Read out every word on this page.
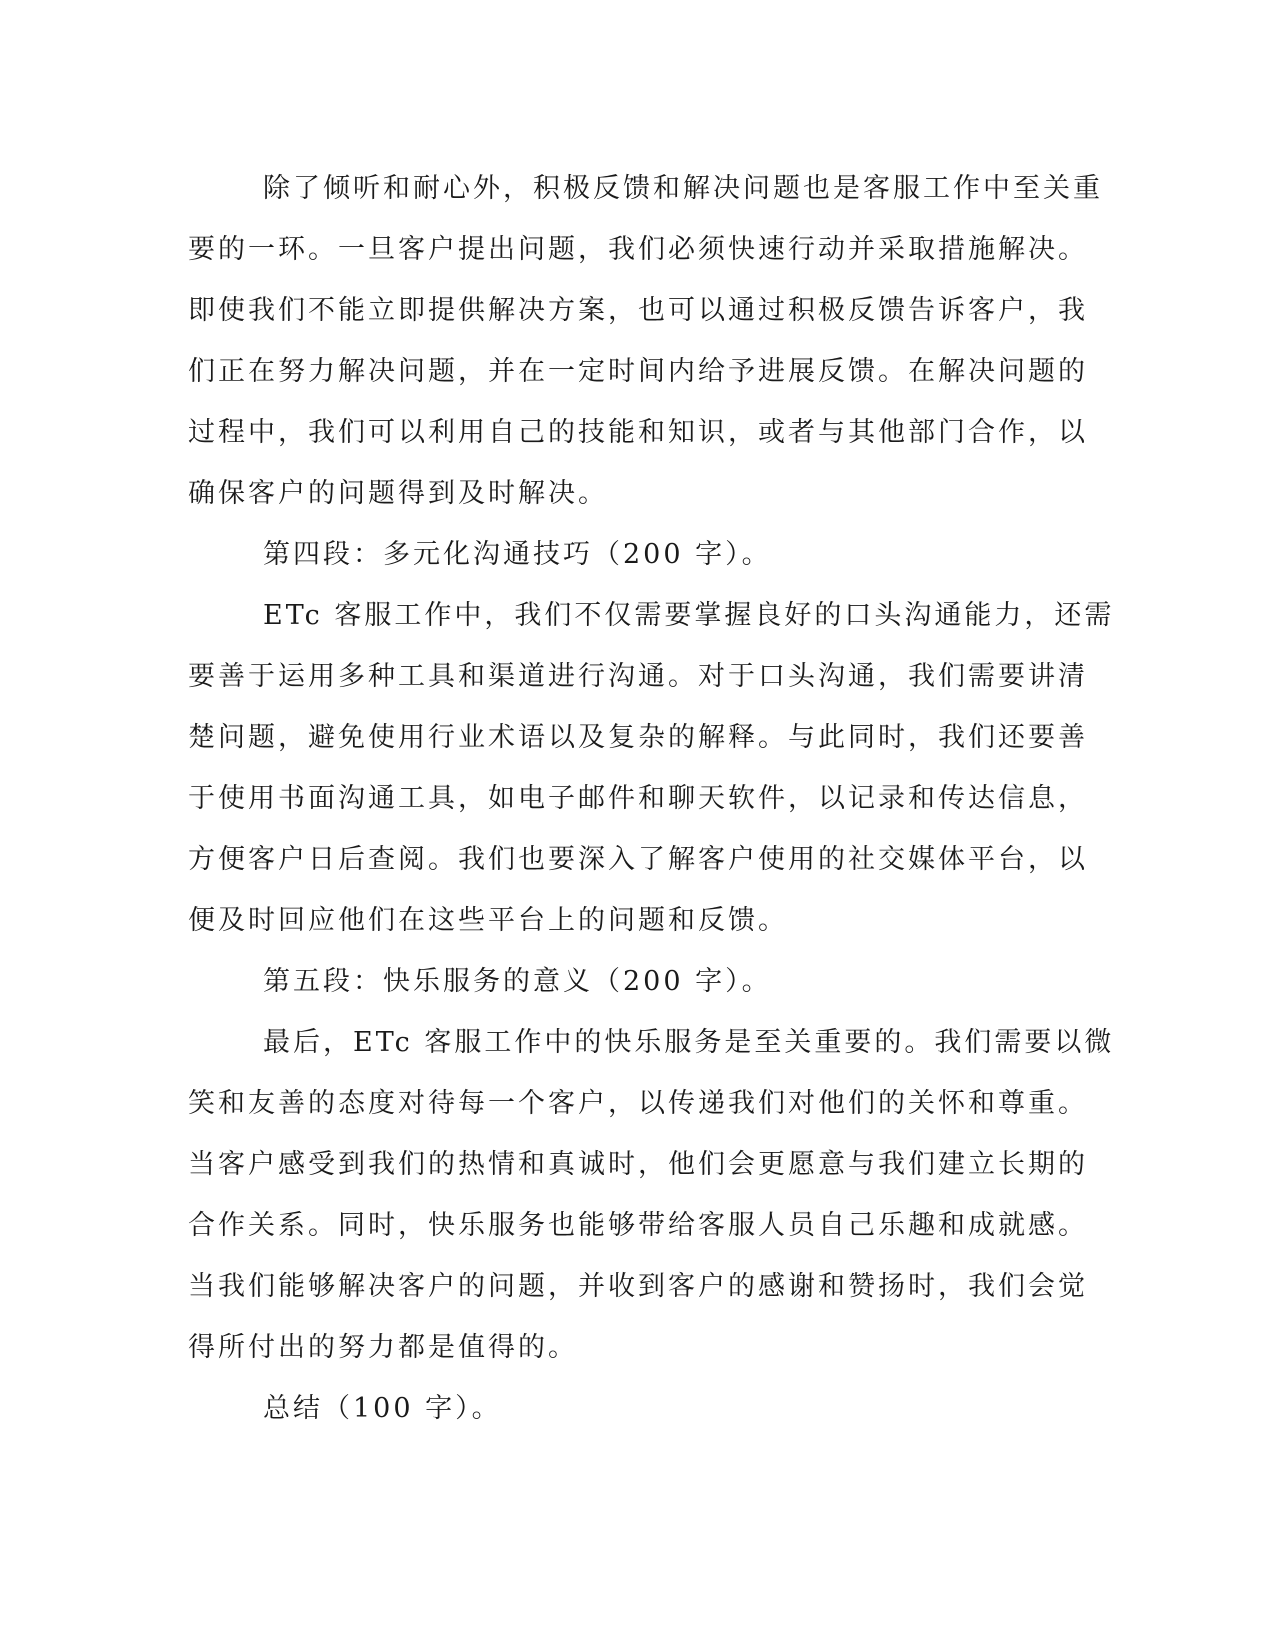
除了倾听和耐心外，积极反馈和解决问题也是客服工作中至关重
要的一环。一旦客户提出问题，我们必须快速行动并采取措施解决。
即使我们不能立即提供解决方案，也可以通过积极反馈告诉客户，我
们正在努力解决问题，并在一定时间内给予进展反馈。在解决问题的
过程中，我们可以利用自己的技能和知识，或者与其他部门合作，以
确保客户的问题得到及时解决。
第四段：多元化沟通技巧（200 字）。
ETc 客服工作中，我们不仅需要掌握良好的口头沟通能力，还需
要善于运用多种工具和渠道进行沟通。对于口头沟通，我们需要讲清
楚问题，避免使用行业术语以及复杂的解释。与此同时，我们还要善
于使用书面沟通工具，如电子邮件和聊天软件，以记录和传达信息，
方便客户日后查阅。我们也要深入了解客户使用的社交媒体平台，以
便及时回应他们在这些平台上的问题和反馈。
第五段：快乐服务的意义（200 字）。
最后，ETc 客服工作中的快乐服务是至关重要的。我们需要以微
笑和友善的态度对待每一个客户，以传递我们对他们的关怀和尊重。
当客户感受到我们的热情和真诚时，他们会更愿意与我们建立长期的
合作关系。同时，快乐服务也能够带给客服人员自己乐趣和成就感。
当我们能够解决客户的问题，并收到客户的感谢和赞扬时，我们会觉
得所付出的努力都是值得的。
总结（100 字）。
